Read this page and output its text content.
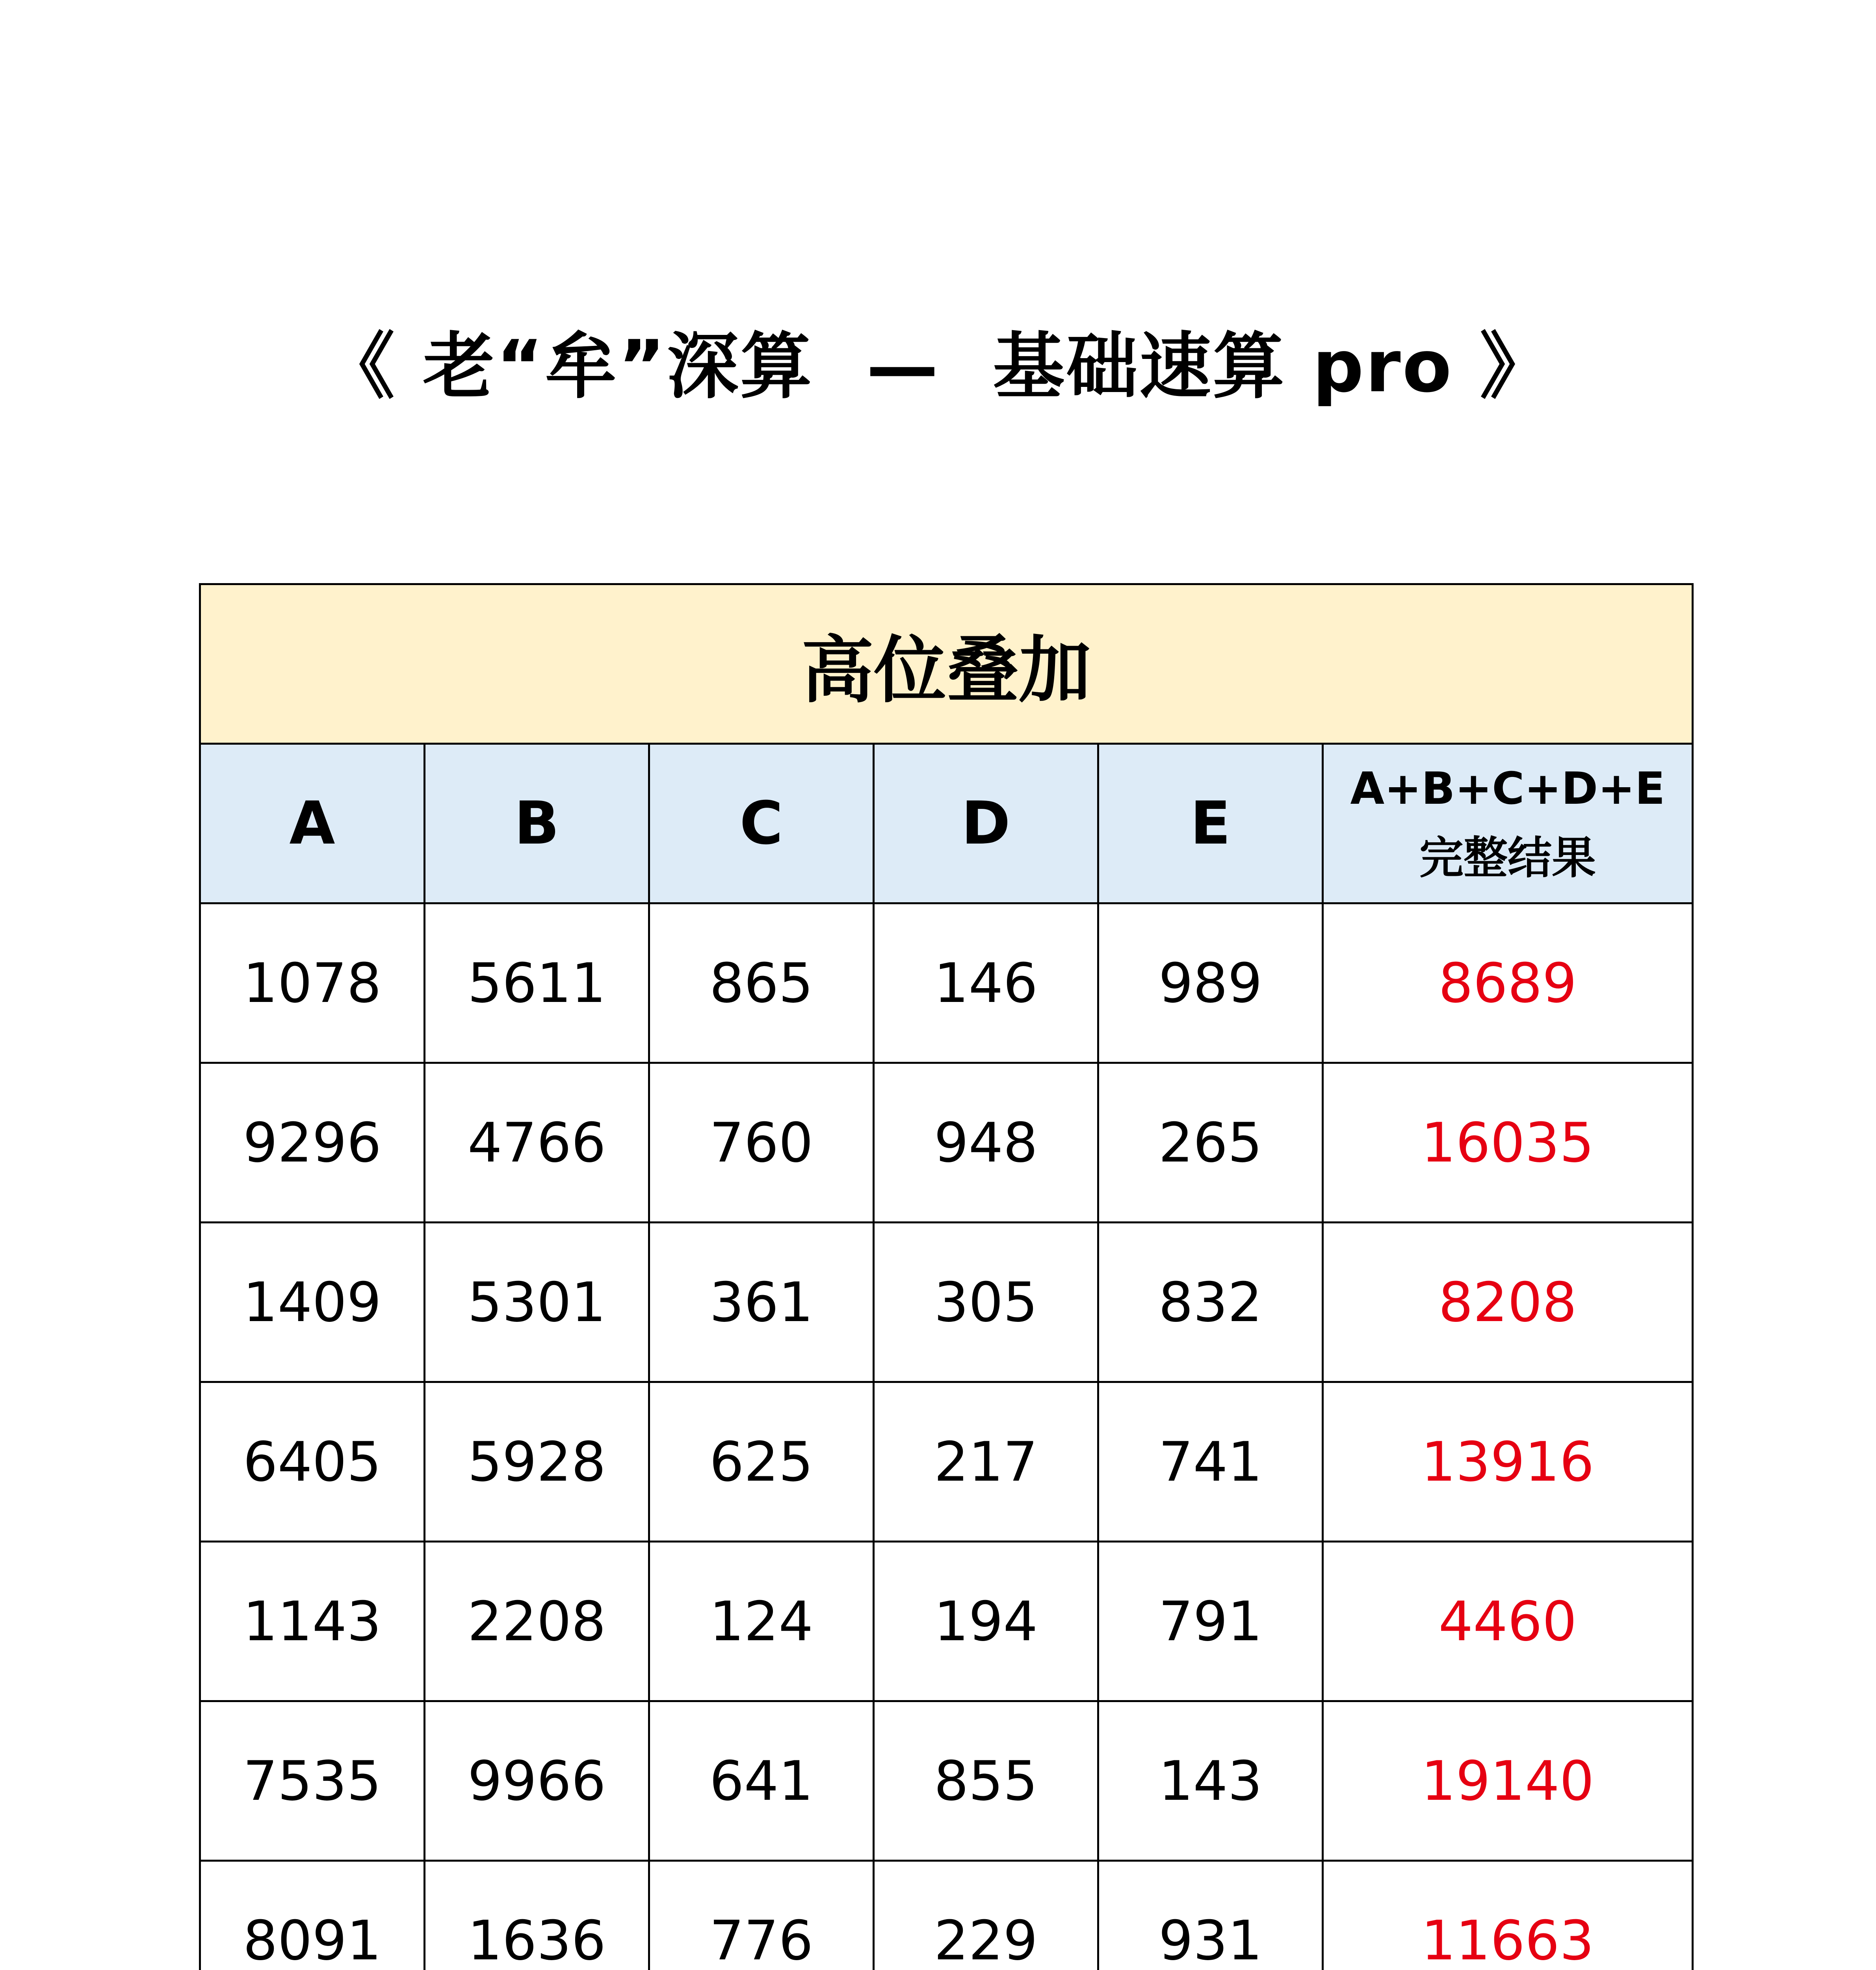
《 老“牟”深算  —  基础速算 pro 》
高位叠加					
A	B	C	D	E	A+B+C+D+E
完整结果

1078	5611	865	146	989	8689
9296	4766	760	948	265	16035
1409	5301	361	305	832	8208
6405	5928	625	217	741	13916
1143	2208	124	194	791	4460
7535	9966	641	855	143	19140
8091	1636	776	229	931	11663
